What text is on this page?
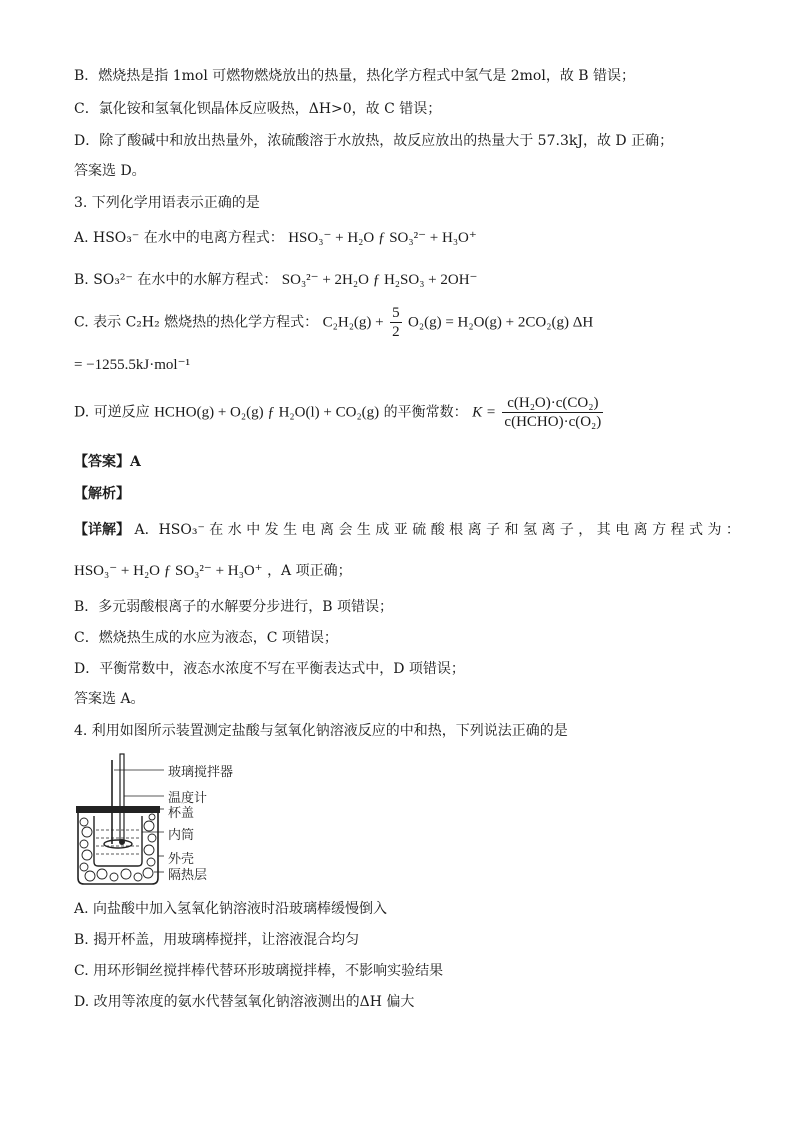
B．燃烧热是指 1mol 可燃物燃烧放出的热量，热化学方程式中氢气是 2mol，故 B 错误；
C．氯化铵和氢氧化钡晶体反应吸热，ΔH>0，故 C 错误；
D．除了酸碱中和放出热量外，浓硫酸溶于水放热，故反应放出的热量大于 57.3kJ，故 D 正确；
答案选 D。
3. 下列化学用语表示正确的是
A. HSO₃⁻ 在水中的电离方程式： HSO₃⁻ + H₂O ƒ SO₃²⁻ + H₃O⁺
B. SO₃²⁻ 在水中的水解方程式： SO₃²⁻ + 2H₂O ƒ H₂SO₃ + 2OH⁻
C. 表示 C₂H₂ 燃烧热的热化学方程式： $C_2H_2(g) + \frac{5}{2} O_2(g) = H_2O(g) + 2CO_2(g)$ ΔH
= −1255.5kJ·mol⁻¹
D. 可逆反应 HCHO(g) + O₂(g) ƒ H₂O(l) + CO₂(g) 的平衡常数： $K = \frac{\text{c(H₂O)·c(CO₂)}}{\text{c(HCHO)·c(O₂)}}$
【答案】A
【解析】
【详解】 A．HSO₃⁻ 在 水 中 发 生 电 离 会 生 成 亚 硫 酸 根 离 子 和 氢 离 子 ， 其 电 离 方 程 式 为 ：
HSO₃⁻ + H₂O ƒ SO₃²⁻ + H₃O⁺ ，A 项正确；
B．多元弱酸根离子的水解要分步进行，B 项错误；
C．燃烧热生成的水应为液态，C 项错误；
D．平衡常数中，液态水浓度不写在平衡表达式中，D 项错误；
答案选 A。
4. 利用如图所示装置测定盐酸与氢氧化钠溶液反应的中和热，下列说法正确的是
玻璃搅拌器
温度计
杯盖
内筒
外壳
隔热层
A. 向盐酸中加入氢氧化钠溶液时沿玻璃棒缓慢倒入
B. 揭开杯盖，用玻璃棒搅拌，让溶液混合均匀
C. 用环形铜丝搅拌棒代替环形玻璃搅拌棒，不影响实验结果
D. 改用等浓度的氨水代替氢氧化钠溶液测出的ΔH 偏大
